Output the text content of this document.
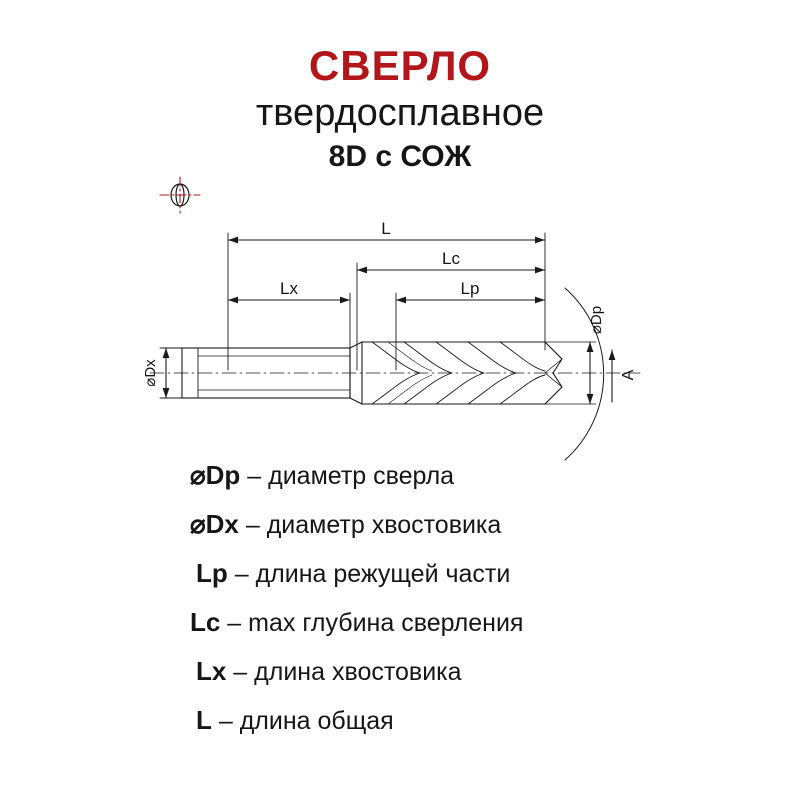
СВЕРЛО
твердосплавное
8D с СОЖ
L
Lc
Lx	Lp
⌀Dx
⌀Dp
A
⌀Dp – диаметр сверла
⌀Dx – диаметр хвостовика
Lp – длина режущей части
Lc – max глубина сверления
Lx – длина хвостовика
L – длина общая
